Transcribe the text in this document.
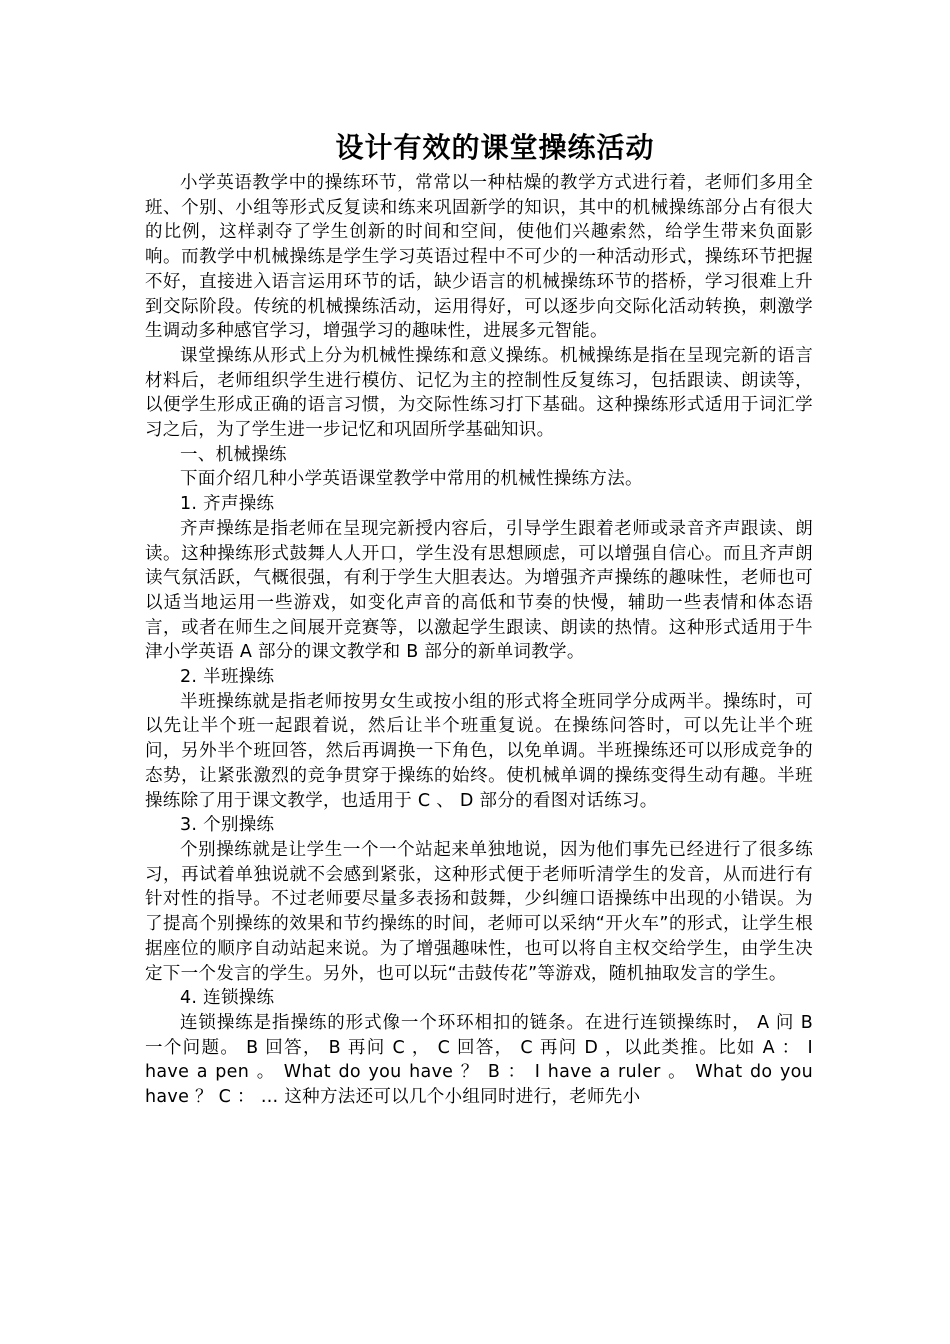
设计有效的课堂操练活动

小学英语教学中的操练环节，常常以一种枯燥的教学方式进行着，老师们多用全班、个别、小组等形式反复读和练来巩固新学的知识，其中的机械操练部分占有很大的比例，这样剥夺了学生创新的时间和空间，使他们兴趣索然，给学生带来负面影响。而教学中机械操练是学生学习英语过程中不可少的一种活动形式，操练环节把握不好，直接进入语言运用环节的话，缺少语言的机械操练环节的搭桥，学习很难上升到交际阶段。传统的机械操练活动，运用得好，可以逐步向交际化活动转换，刺激学生调动多种感官学习，增强学习的趣味性，进展多元智能。

课堂操练从形式上分为机械性操练和意义操练。机械操练是指在呈现完新的语言材料后，老师组织学生进行模仿、记忆为主的控制性反复练习，包括跟读、朗读等，以便学生形成正确的语言习惯，为交际性练习打下基础。这种操练形式适用于词汇学习之后，为了学生进一步记忆和巩固所学基础知识。

一、机械操练

下面介绍几种小学英语课堂教学中常用的机械性操练方法。

1. 齐声操练

齐声操练是指老师在呈现完新授内容后，引导学生跟着老师或录音齐声跟读、朗读。这种操练形式鼓舞人人开口，学生没有思想顾虑，可以增强自信心。而且齐声朗读气氛活跃，气概很强，有利于学生大胆表达。为增强齐声操练的趣味性，老师也可以适当地运用一些游戏，如变化声音的高低和节奏的快慢，辅助一些表情和体态语言，或者在师生之间展开竞赛等，以激起学生跟读、朗读的热情。这种形式适用于牛津小学英语 A 部分的课文教学和 B 部分的新单词教学。

2. 半班操练

半班操练就是指老师按男女生或按小组的形式将全班同学分成两半。操练时，可以先让半个班一起跟着说，然后让半个班重复说。在操练问答时，可以先让半个班问，另外半个班回答，然后再调换一下角色，以免单调。半班操练还可以形成竞争的态势，让紧张激烈的竞争贯穿于操练的始终。使机械单调的操练变得生动有趣。半班操练除了用于课文教学，也适用于 C 、 D 部分的看图对话练习。

3. 个别操练

个别操练就是让学生一个一个站起来单独地说，因为他们事先已经进行了很多练习，再试着单独说就不会感到紧张，这种形式便于老师听清学生的发音，从而进行有针对性的指导。不过老师要尽量多表扬和鼓舞，少纠缠口语操练中出现的小错误。为了提高个别操练的效果和节约操练的时间，老师可以采纳“开火车”的形式，让学生根据座位的顺序自动站起来说。为了增强趣味性，也可以将自主权交给学生，由学生决定下一个发言的学生。另外，也可以玩“击鼓传花”等游戏，随机抽取发言的学生。

4. 连锁操练

连锁操练是指操练的形式像一个环环相扣的链条。在进行连锁操练时， A 问 B 一个问题。 B 回答， B 再问 C ， C 回答， C 再问 D ，以此类推。比如 A ： I have a pen 。 What do you have ？ B ： I have a ruler 。 What do you have ？ C ： … 这种方法还可以几个小组同时进行，老师先小
